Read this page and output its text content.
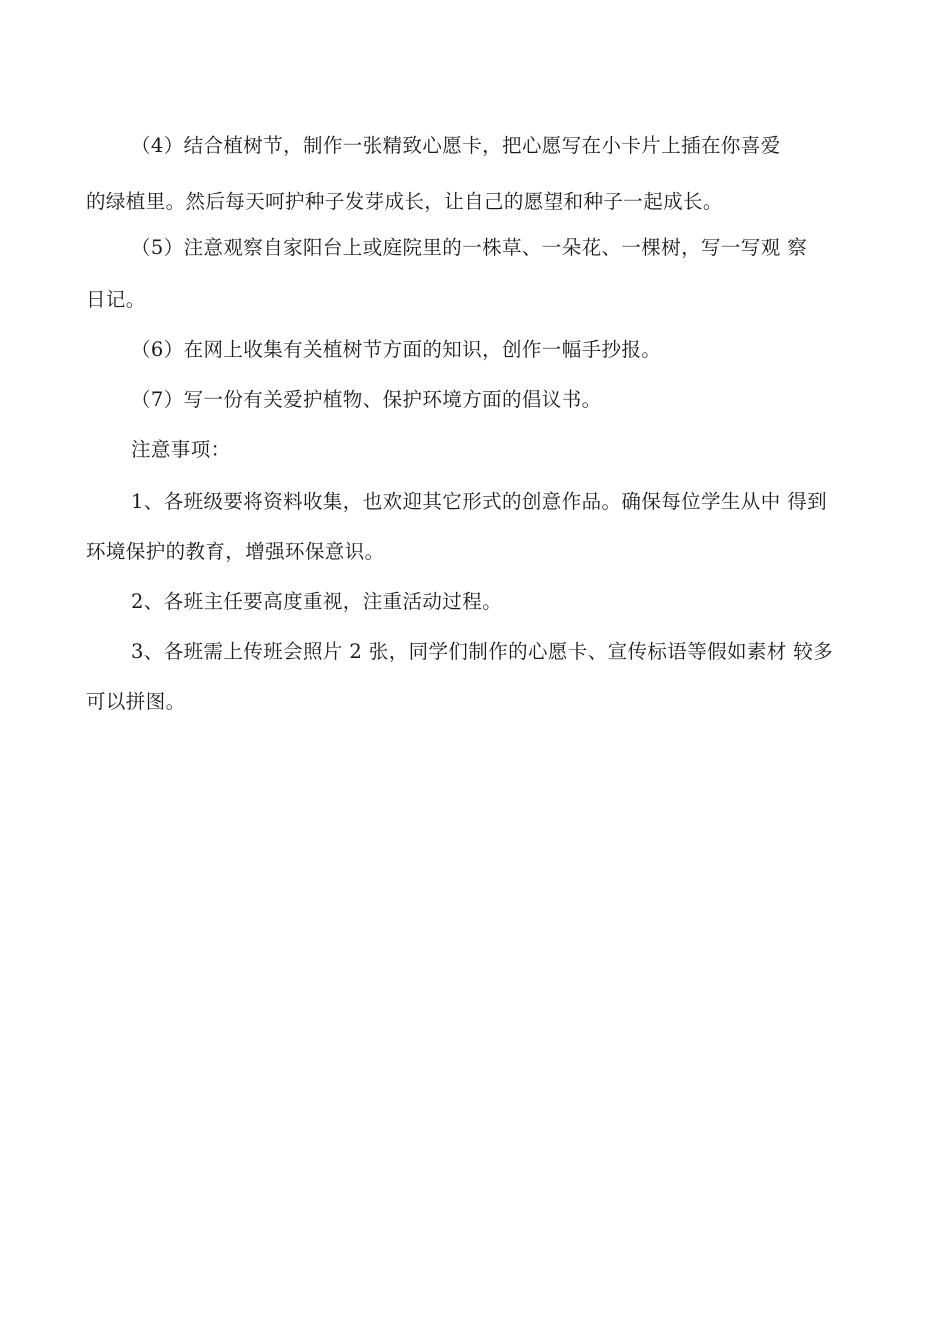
（4）结合植树节，制作一张精致心愿卡，把心愿写在小卡片上插在你喜爱
的绿植里。然后每天呵护种子发芽成长，让自己的愿望和种子一起成长。
（5）注意观察自家阳台上或庭院里的一株草、一朵花、一棵树，写一写观 察
日记。
（6）在网上收集有关植树节方面的知识，创作一幅手抄报。
（7）写一份有关爱护植物、保护环境方面的倡议书。
注意事项：
1、各班级要将资料收集，也欢迎其它形式的创意作品。确保每位学生从中 得到
环境保护的教育，增强环保意识。
2、各班主任要高度重视，注重活动过程。
3、各班需上传班会照片 2 张，同学们制作的心愿卡、宣传标语等假如素材 较多
可以拼图。
